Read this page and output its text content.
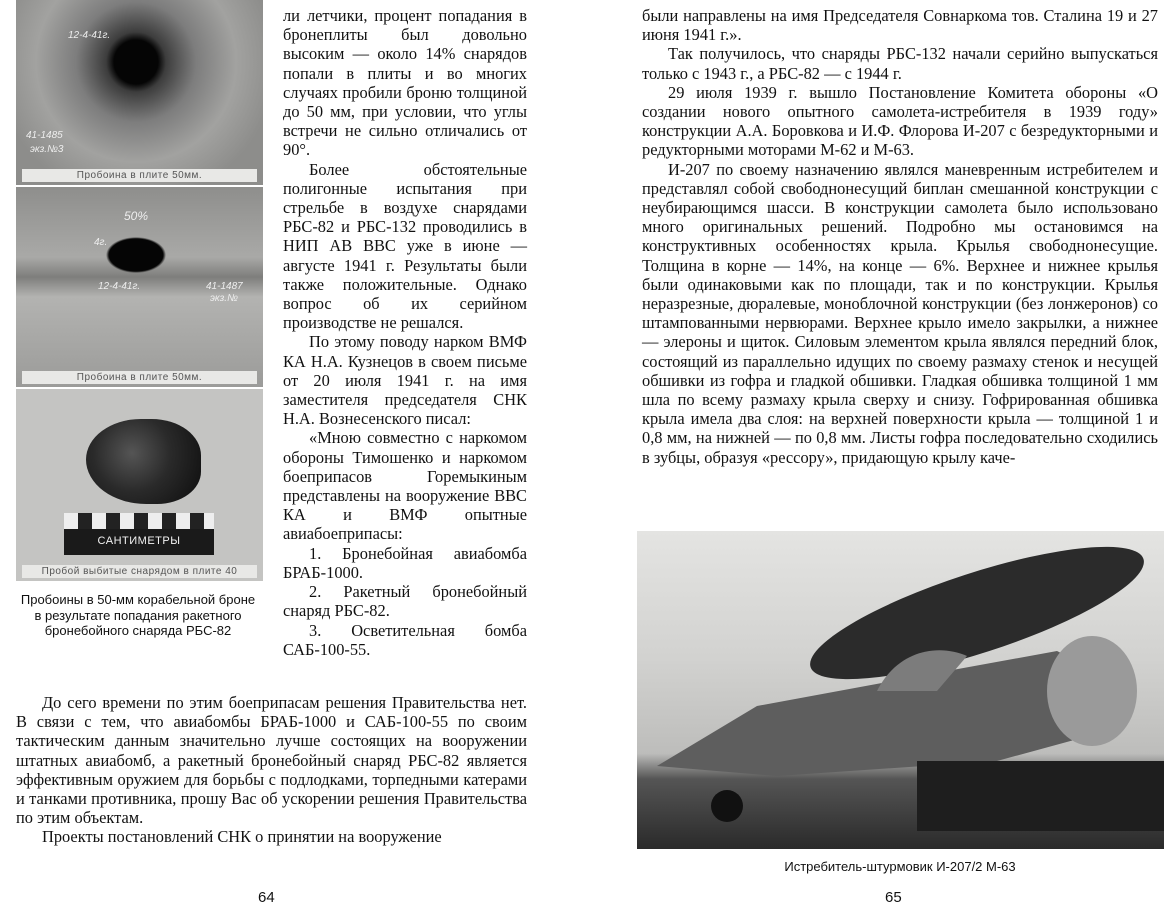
12-4-41г.
41-1485
экз.№3
Пробоина в плите 50мм.
50%
4г.
12-4-41г.	41-1487
экз.№
Пробоина в плите 50мм.
САНТИМЕТРЫ
Пробой выбитые снарядом в плите 40
Пробоины в 50-мм корабельной броне в результате попадания ракетного бронебойного снаряда РБС-82

ли летчики, процент попадания в бронеплиты был довольно высоким — около 14% снарядов попали в плиты и во многих случаях пробили броню толщиной до 50 мм, при условии, что углы встречи не сильно отличались от 90°.

Более обстоятельные полигонные испытания при стрельбе в воздухе снарядами РБС-82 и РБС-132 проводились в НИП АВ ВВС уже в июне — августе 1941 г. Результаты были также положительные. Однако вопрос об их серийном производстве не решался.

По этому поводу нарком ВМФ КА Н.А. Кузнецов в своем письме от 20 июля 1941 г. на имя заместителя председателя СНК Н.А. Вознесенского писал:

«Мною совместно с наркомом обороны Тимошенко и наркомом боеприпасов Горемыкиным представлены на вооружение ВВС КА и ВМФ опытные авиабоеприпасы:

1. Бронебойная авиабомба БРАБ-1000.

2. Ракетный бронебойный снаряд РБС-82.

3. Осветительная бомба САБ-100-55.

До сего времени по этим боеприпасам решения Правительства нет. В связи с тем, что авиабомбы БРАБ-1000 и САБ-100-55 по своим тактическим данным значительно лучше состоящих на вооружении штатных авиабомб, а ракетный бронебойный снаряд РБС-82 является эффективным оружием для борьбы с подлодками, торпедными катерами и танками противника, прошу Вас об ускорении решения Правительства по этим объектам.

Проекты постановлений СНК о принятии на вооружение

64

были направлены на имя Председателя Совнаркома тов. Сталина 19 и 27 июня 1941 г.».

Так получилось, что снаряды РБС-132 начали серийно выпускаться только с 1943 г., а РБС-82 — с 1944 г.

29 июля 1939 г. вышло Постановление Комитета обороны «О создании нового опытного самолета-истребителя в 1939 году» конструкции А.А. Боровкова и И.Ф. Флорова И-207 с безредукторными и редукторными моторами М-62 и М-63.

И-207 по своему назначению являлся маневренным истребителем и представлял собой свободнонесущий биплан смешанной конструкции с неубирающимся шасси. В конструкции самолета было использовано много оригинальных решений. Подробно мы остановимся на конструктивных особенностях крыла. Крылья свободнонесущие. Толщина в корне — 14%, на конце — 6%. Верхнее и нижнее крылья были одинаковыми как по площади, так и по конструкции. Крылья неразрезные, дюралевые, моноблочной конструкции (без лонжеронов) со штампованными нервюрами. Верхнее крыло имело закрылки, а нижнее — элероны и щиток. Силовым элементом крыла являлся передний блок, состоящий из параллельно идущих по своему размаху стенок и несущей обшивки из гофра и гладкой обшивки. Гладкая обшивка толщиной 1 мм шла по всему размаху крыла сверху и снизу. Гофрированная обшивка крыла имела два слоя: на верхней поверхности крыла — толщиной 1 и 0,8 мм, на нижней — по 0,8 мм. Листы гофра последовательно сходились в зубцы, образуя «рессору», придающую крылу каче-

Истребитель-штурмовик И-207/2 М-63
65
